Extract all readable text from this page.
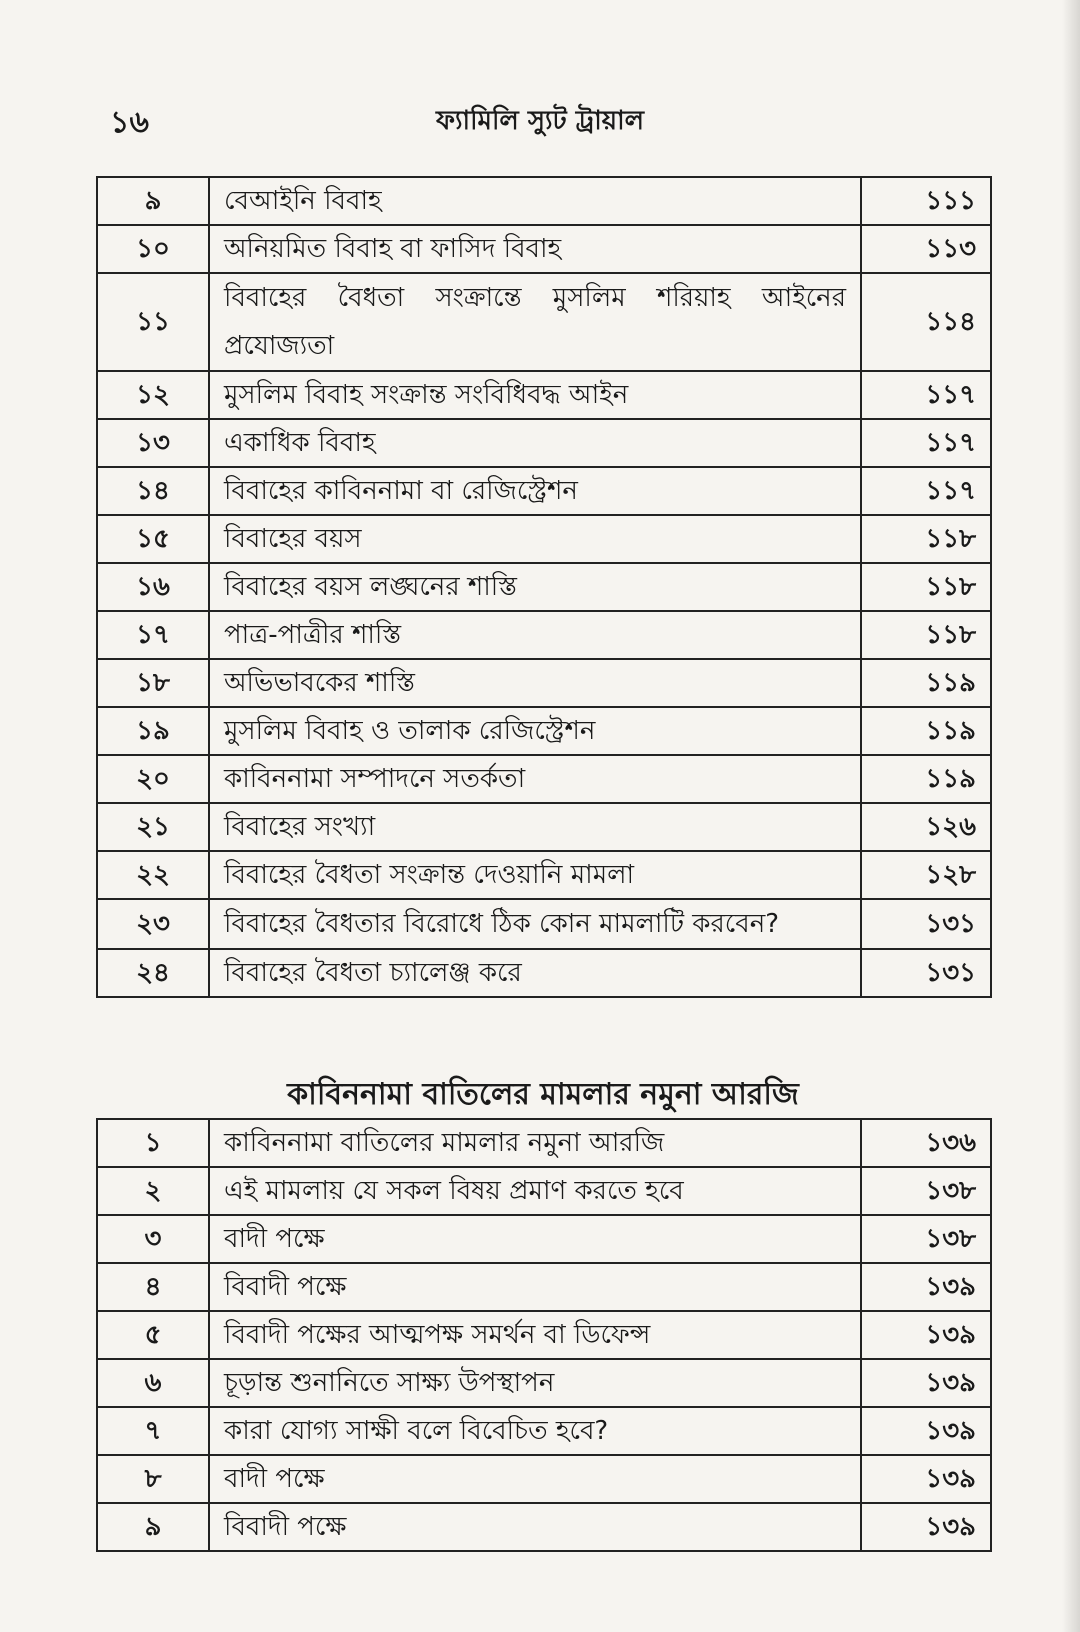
ফ্যামিলি স্যুট ট্রায়াল
১৬
৯	বেআইনি বিবাহ	১১১
১০	অনিয়মিত বিবাহ বা ফাসিদ বিবাহ	১১৩
১১	বিবাহের বৈধতা সংক্রান্তে মুসলিম শরিয়াহ আইনের প্রযোজ্যতা	১১৪
১২	মুসলিম বিবাহ সংক্রান্ত সংবিধিবদ্ধ আইন	১১৭
১৩	একাধিক বিবাহ	১১৭
১৪	বিবাহের কাবিননামা বা রেজিস্ট্রেশন	১১৭
১৫	বিবাহের বয়স	১১৮
১৬	বিবাহের বয়স লঙ্ঘনের শাস্তি	১১৮
১৭	পাত্র-পাত্রীর শাস্তি	১১৮
১৮	অভিভাবকের শাস্তি	১১৯
১৯	মুসলিম বিবাহ ও তালাক রেজিস্ট্রেশন	১১৯
২০	কাবিননামা সম্পাদনে সতর্কতা	১১৯
২১	বিবাহের সংখ্যা	১২৬
২২	বিবাহের বৈধতা সংক্রান্ত দেওয়ানি মামলা	১২৮
২৩	বিবাহের বৈধতার বিরোধে ঠিক কোন মামলাটি করবেন?	১৩১
২৪	বিবাহের বৈধতা চ্যালেঞ্জ করে	১৩১
কাবিননামা বাতিলের মামলার নমুনা আরজি
১	কাবিননামা বাতিলের মামলার নমুনা আরজি	১৩৬
২	এই মামলায় যে সকল বিষয় প্রমাণ করতে হবে	১৩৮
৩	বাদী পক্ষে	১৩৮
৪	বিবাদী পক্ষে	১৩৯
৫	বিবাদী পক্ষের আত্মপক্ষ সমর্থন বা ডিফেন্স	১৩৯
৬	চূড়ান্ত শুনানিতে সাক্ষ্য উপস্থাপন	১৩৯
৭	কারা যোগ্য সাক্ষী বলে বিবেচিত হবে?	১৩৯
৮	বাদী পক্ষে	১৩৯
৯	বিবাদী পক্ষে	১৩৯
